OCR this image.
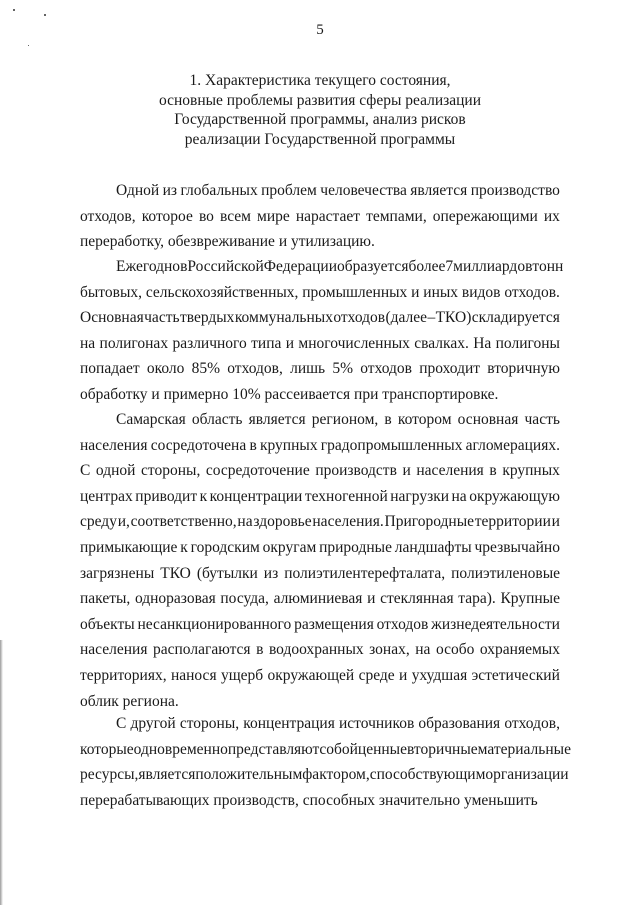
5
1. Характеристика текущего состояния,
основные проблемы развития сферы реализации
Государственной программы, анализ рисков
реализации Государственной программы
Одной из глобальных проблем человечества является производство
отходов, которое во всем мире нарастает темпами, опережающими их
переработку, обезвреживание и утилизацию.
Ежегодно в Российской Федерации образуется более 7 миллиардов тонн
бытовых, сельскохозяйственных, промышленных и иных видов отходов.
Основная часть твердых коммунальных отходов (далее – ТКО) складируется
на полигонах различного типа и многочисленных свалках. На полигоны
попадает около 85% отходов, лишь 5% отходов проходит вторичную
обработку и примерно 10% рассеивается при транспортировке.
Самарская область является регионом, в котором основная часть
населения сосредоточена в крупных градопромышленных агломерациях.
С одной стороны, сосредоточение производств и населения в крупных
центрах приводит к концентрации техногенной нагрузки на окружающую
среду и, соответственно, на здоровье населения. Пригородные территории и
примыкающие к городским округам природные ландшафты чрезвычайно
загрязнены ТКО (бутылки из полиэтилентерефталата, полиэтиленовые
пакеты, одноразовая посуда, алюминиевая и стеклянная тара). Крупные
объекты несанкционированного размещения отходов жизнедеятельности
населения располагаются в водоохранных зонах, на особо охраняемых
территориях, нанося ущерб окружающей среде и ухудшая эстетический
облик региона.
С другой стороны, концентрация источников образования отходов,
которые одновременно представляют собой ценные вторичные материальные
ресурсы, является положительным фактором, способствующим организации
перерабатывающих производств, способных значительно уменьшить
